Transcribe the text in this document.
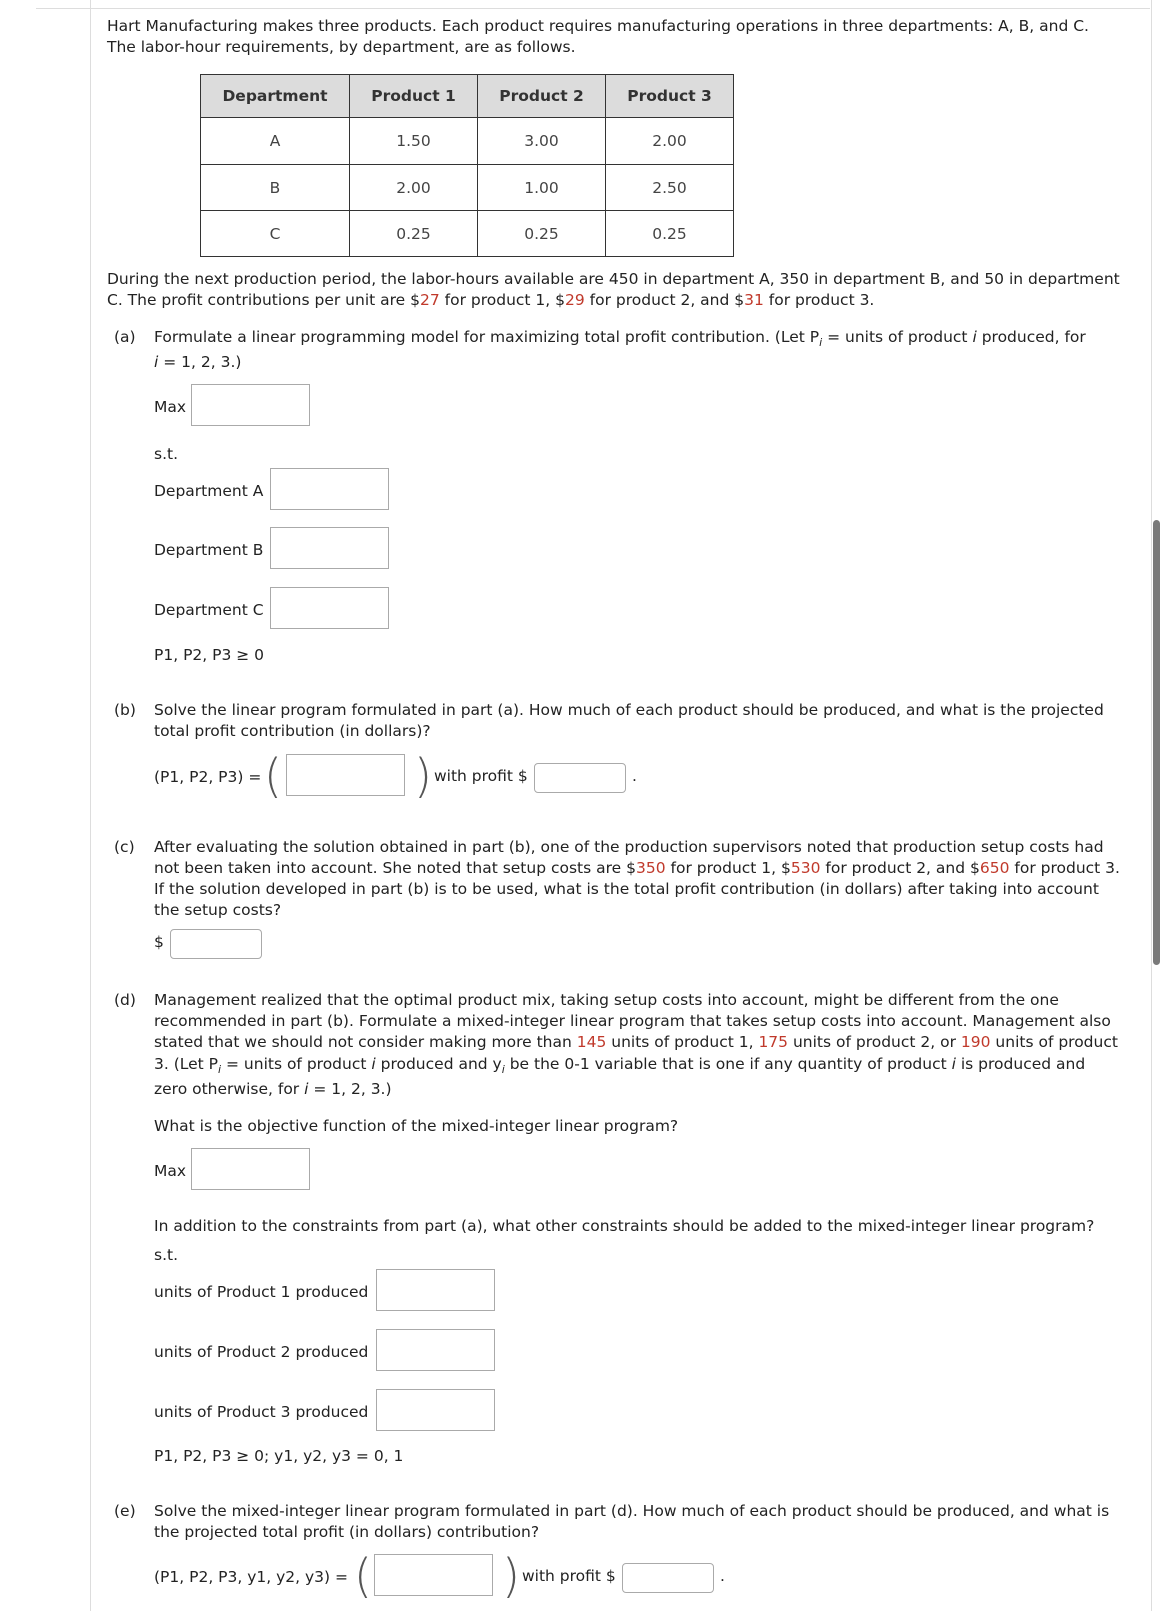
Hart Manufacturing makes three products. Each product requires manufacturing operations in three departments: A, B, and C.
The labor-hour requirements, by department, are as follows.
Department	Product 1	Product 2	Product 3
A	1.50	3.00	2.00
B	2.00	1.00	2.50
C	0.25	0.25	0.25
During the next production period, the labor-hours available are 450 in department A, 350 in department B, and 50 in department
C. The profit contributions per unit are $27 for product 1, $29 for product 2, and $31 for product 3.
(a) Formulate a linear programming model for maximizing total profit contribution. (Let $P_i$ = units of product i produced, for
i = 1, 2, 3.)
Max
s.t.
Department A
Department B
Department C
P1, P2, P3 ≥ 0
(b) Solve the linear program formulated in part (a). How much of each product should be produced, and what is the projected
total profit contribution (in dollars)?
(P1, P2, P3) = (	) with profit $	.
(c) After evaluating the solution obtained in part (b), one of the production supervisors noted that production setup costs had
not been taken into account. She noted that setup costs are $350 for product 1, $530 for product 2, and $650 for product 3.
If the solution developed in part (b) is to be used, what is the total profit contribution (in dollars) after taking into account
the setup costs?
$
(d) Management realized that the optimal product mix, taking setup costs into account, might be different from the one
recommended in part (b). Formulate a mixed-integer linear program that takes setup costs into account. Management also
stated that we should not consider making more than 145 units of product 1, 175 units of product 2, or 190 units of product
3. (Let $P_i$ = units of product i produced and $y_i$ be the 0-1 variable that is one if any quantity of product i is produced and
zero otherwise, for i = 1, 2, 3.)
What is the objective function of the mixed-integer linear program?
Max
In addition to the constraints from part (a), what other constraints should be added to the mixed-integer linear program?
s.t.
units of Product 1 produced
units of Product 2 produced
units of Product 3 produced
P1, P2, P3 ≥ 0; y1, y2, y3 = 0, 1
(e) Solve the mixed-integer linear program formulated in part (d). How much of each product should be produced, and what is
the projected total profit (in dollars) contribution?
(P1, P2, P3, y1, y2, y3) = (	) with profit $	.
